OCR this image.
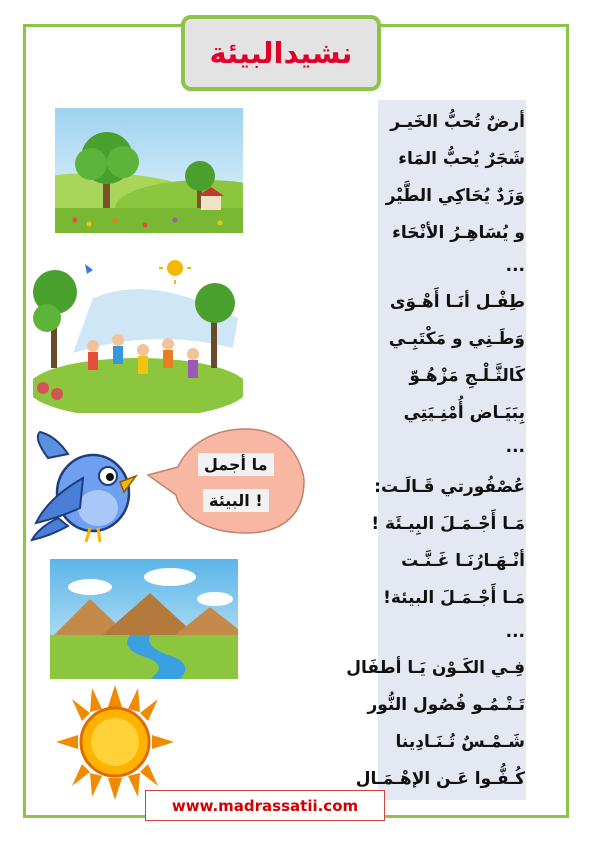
نشيدالبيئة
أرضٌ تُحبُّ الخَيـر
شَجَرٌ يُحبُّ المَاء
وَزَدٌ يُحَاكِي الطَّيْر
و يُسَاهِـرُ الأنْحَاء
...
طِفْـل أنَـا أَهْـوَى
وَطَـنِي و مَكْتَبِـي
كَالثَّـلْـجِ مَزْهُـوّ
بِبَيَـاض أُمْنِـيَتِي
...
عُصْفُورتي قَـالَـت:
مَـا أَجْـمَـلَ البِيـئَة !
أنْـهَـارُنَـا غَـنَّـت
مَـا أَجْـمَـلَ البيئة!
...
فِـي الكَـوْن يَـا أطفَال
تَـنْـمُـو فُصُول النُّور
شَـمْـسٌ تُـنَـادِينا
كُـفُّـوا عَـن الإهْـمَـال
ما أجمل
! البيئة
www.madrassatii.com
